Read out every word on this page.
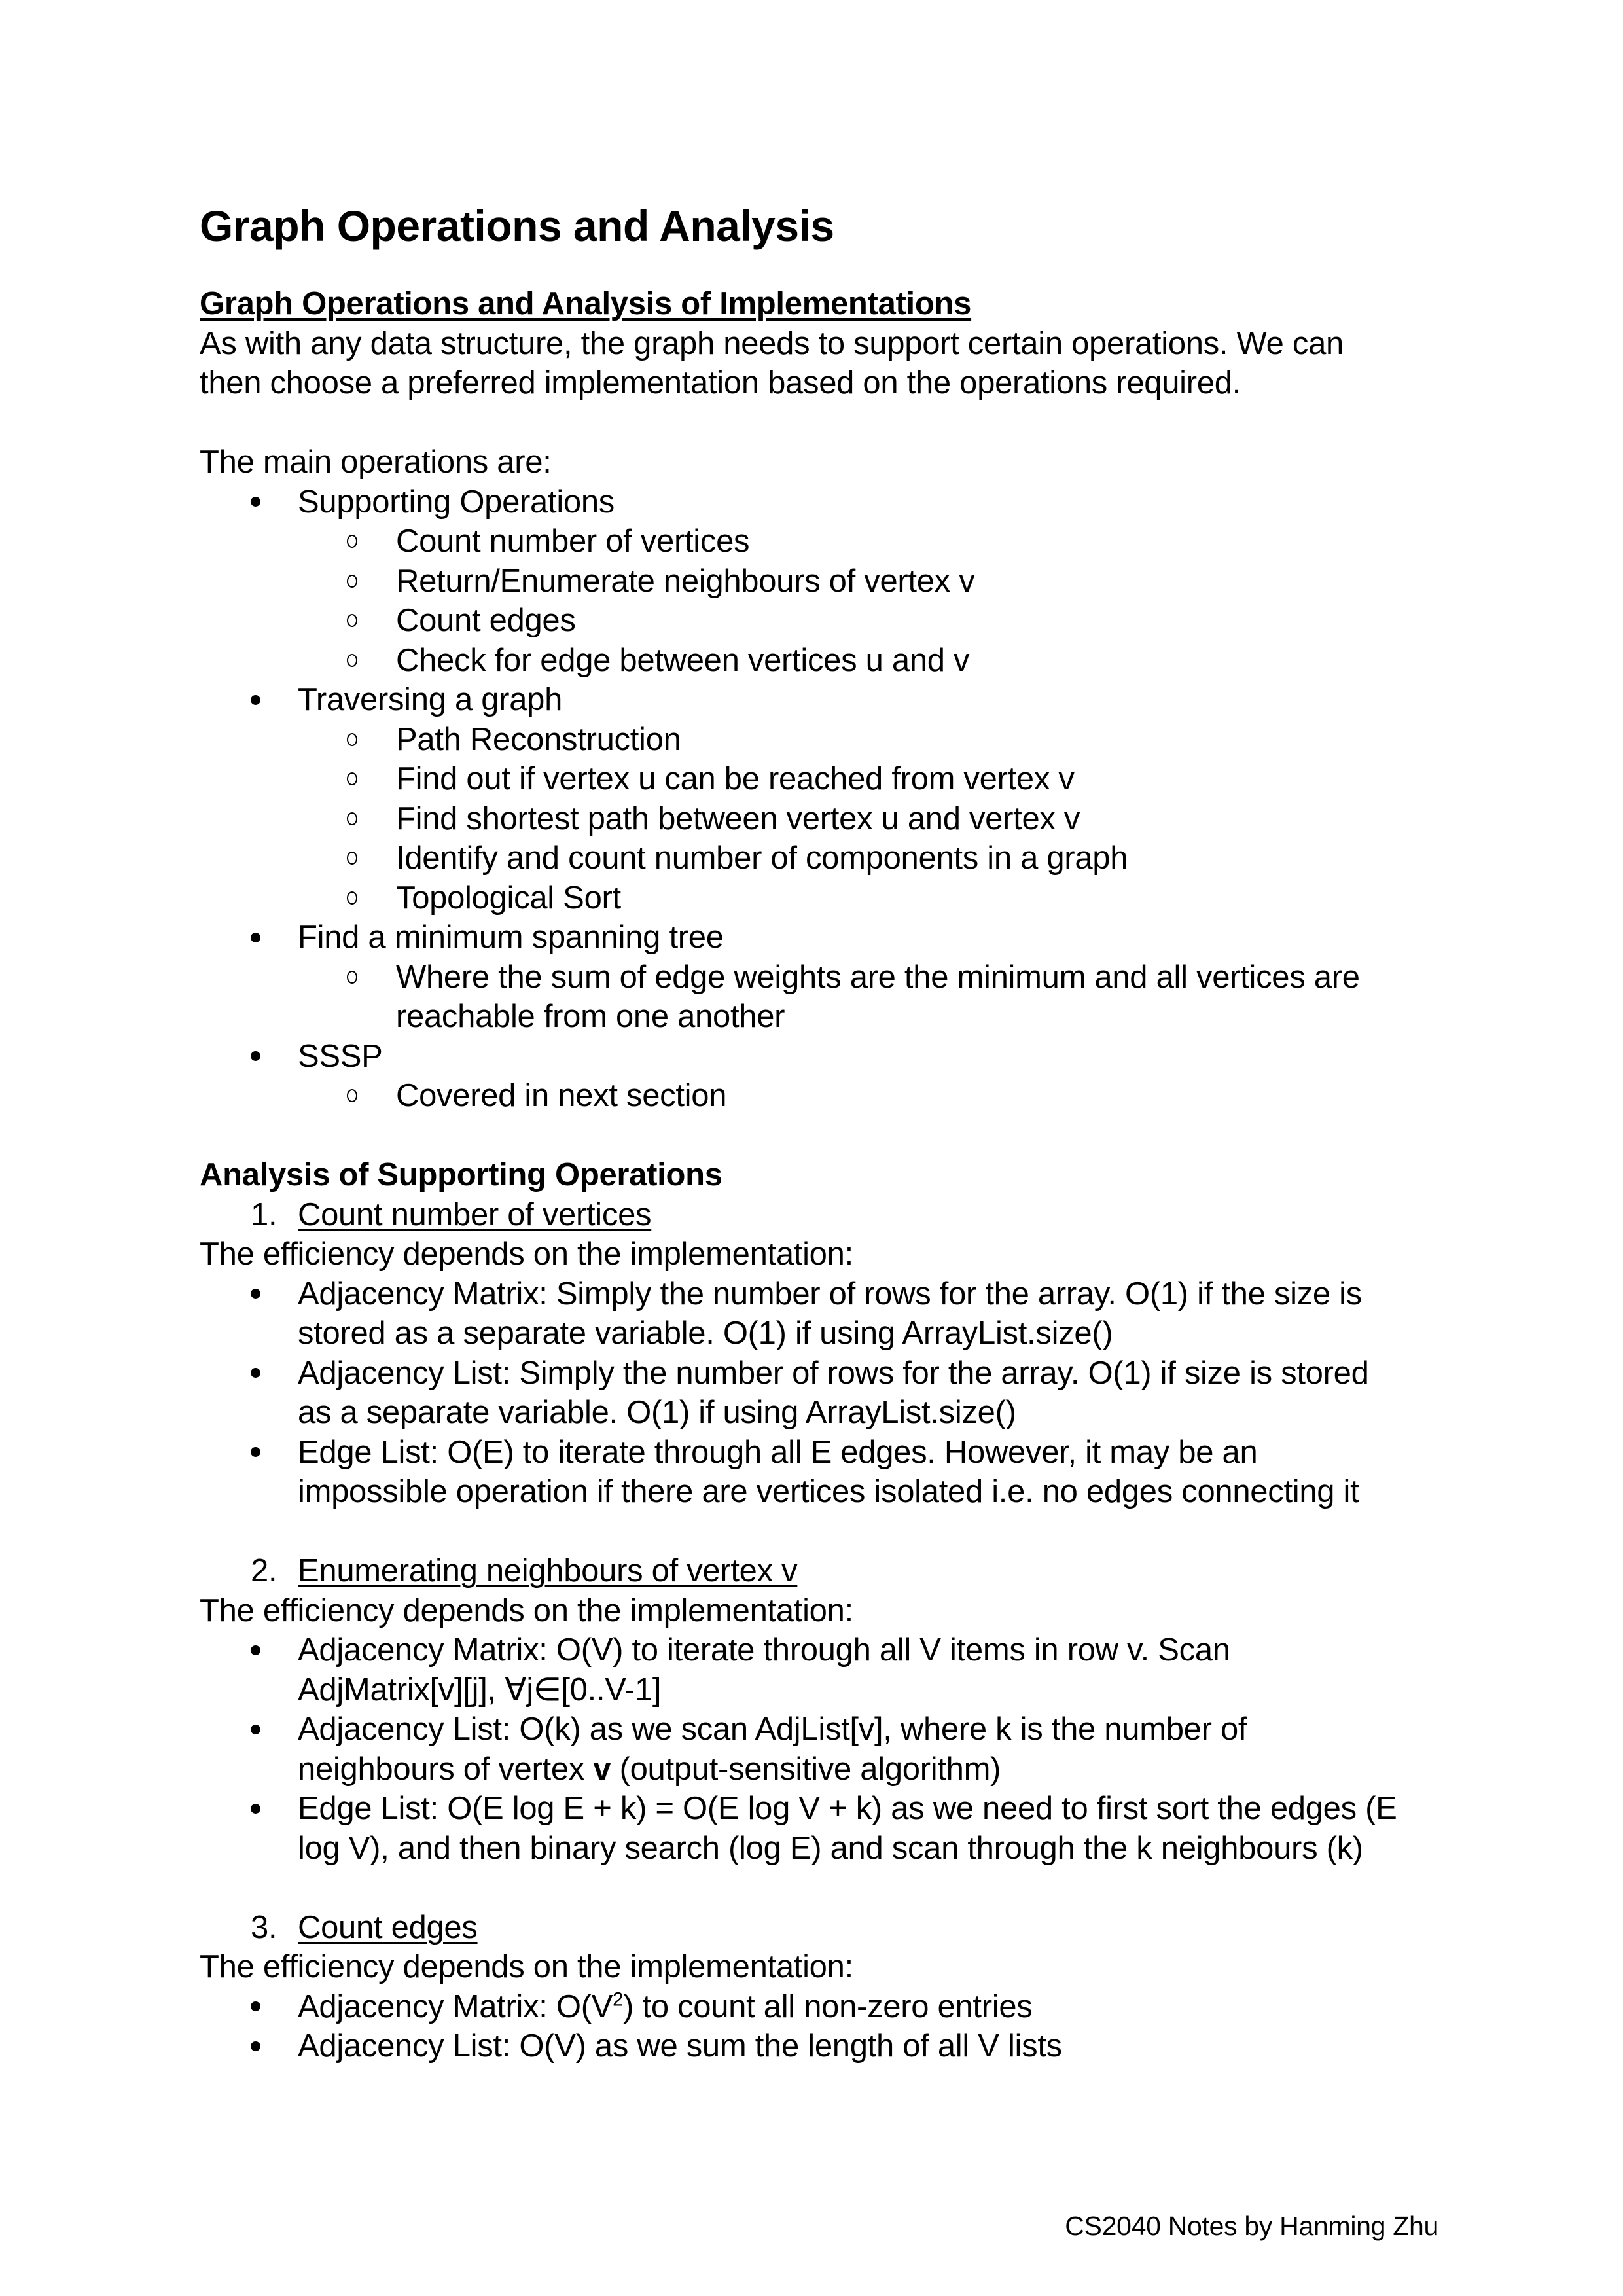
Graph Operations and Analysis
Graph Operations and Analysis of Implementations
As with any data structure, the graph needs to support certain operations. We can
then choose a preferred implementation based on the operations required.
The main operations are:
Supporting Operations
Count number of vertices
Return/Enumerate neighbours of vertex v
Count edges
Check for edge between vertices u and v
Traversing a graph
Path Reconstruction
Find out if vertex u can be reached from vertex v
Find shortest path between vertex u and vertex v
Identify and count number of components in a graph
Topological Sort
Find a minimum spanning tree
Where the sum of edge weights are the minimum and all vertices are reachable from one another
SSSP
Covered in next section
Analysis of Supporting Operations
1. Count number of vertices
The efficiency depends on the implementation:
Adjacency Matrix: Simply the number of rows for the array. O(1) if the size is
stored as a separate variable. O(1) if using ArrayList.size()
Adjacency List: Simply the number of rows for the array. O(1) if size is stored
as a separate variable. O(1) if using ArrayList.size()
Edge List: O(E) to iterate through all E edges. However, it may be an
impossible operation if there are vertices isolated i.e. no edges connecting it
2. Enumerating neighbours of vertex v
The efficiency depends on the implementation:
Adjacency Matrix: O(V) to iterate through all V items in row v. Scan
AdjMatrix[v][j], ∀j∈[0..V-1]
Adjacency List: O(k) as we scan AdjList[v], where k is the number of
neighbours of vertex v (output-sensitive algorithm)
Edge List: O(E log E + k) = O(E log V + k) as we need to first sort the edges (E
log V), and then binary search (log E) and scan through the k neighbours (k)
3. Count edges
The efficiency depends on the implementation:
Adjacency Matrix: $O(V^2)$ to count all non-zero entries
Adjacency List: O(V) as we sum the length of all V lists
CS2040 Notes by Hanming Zhu
